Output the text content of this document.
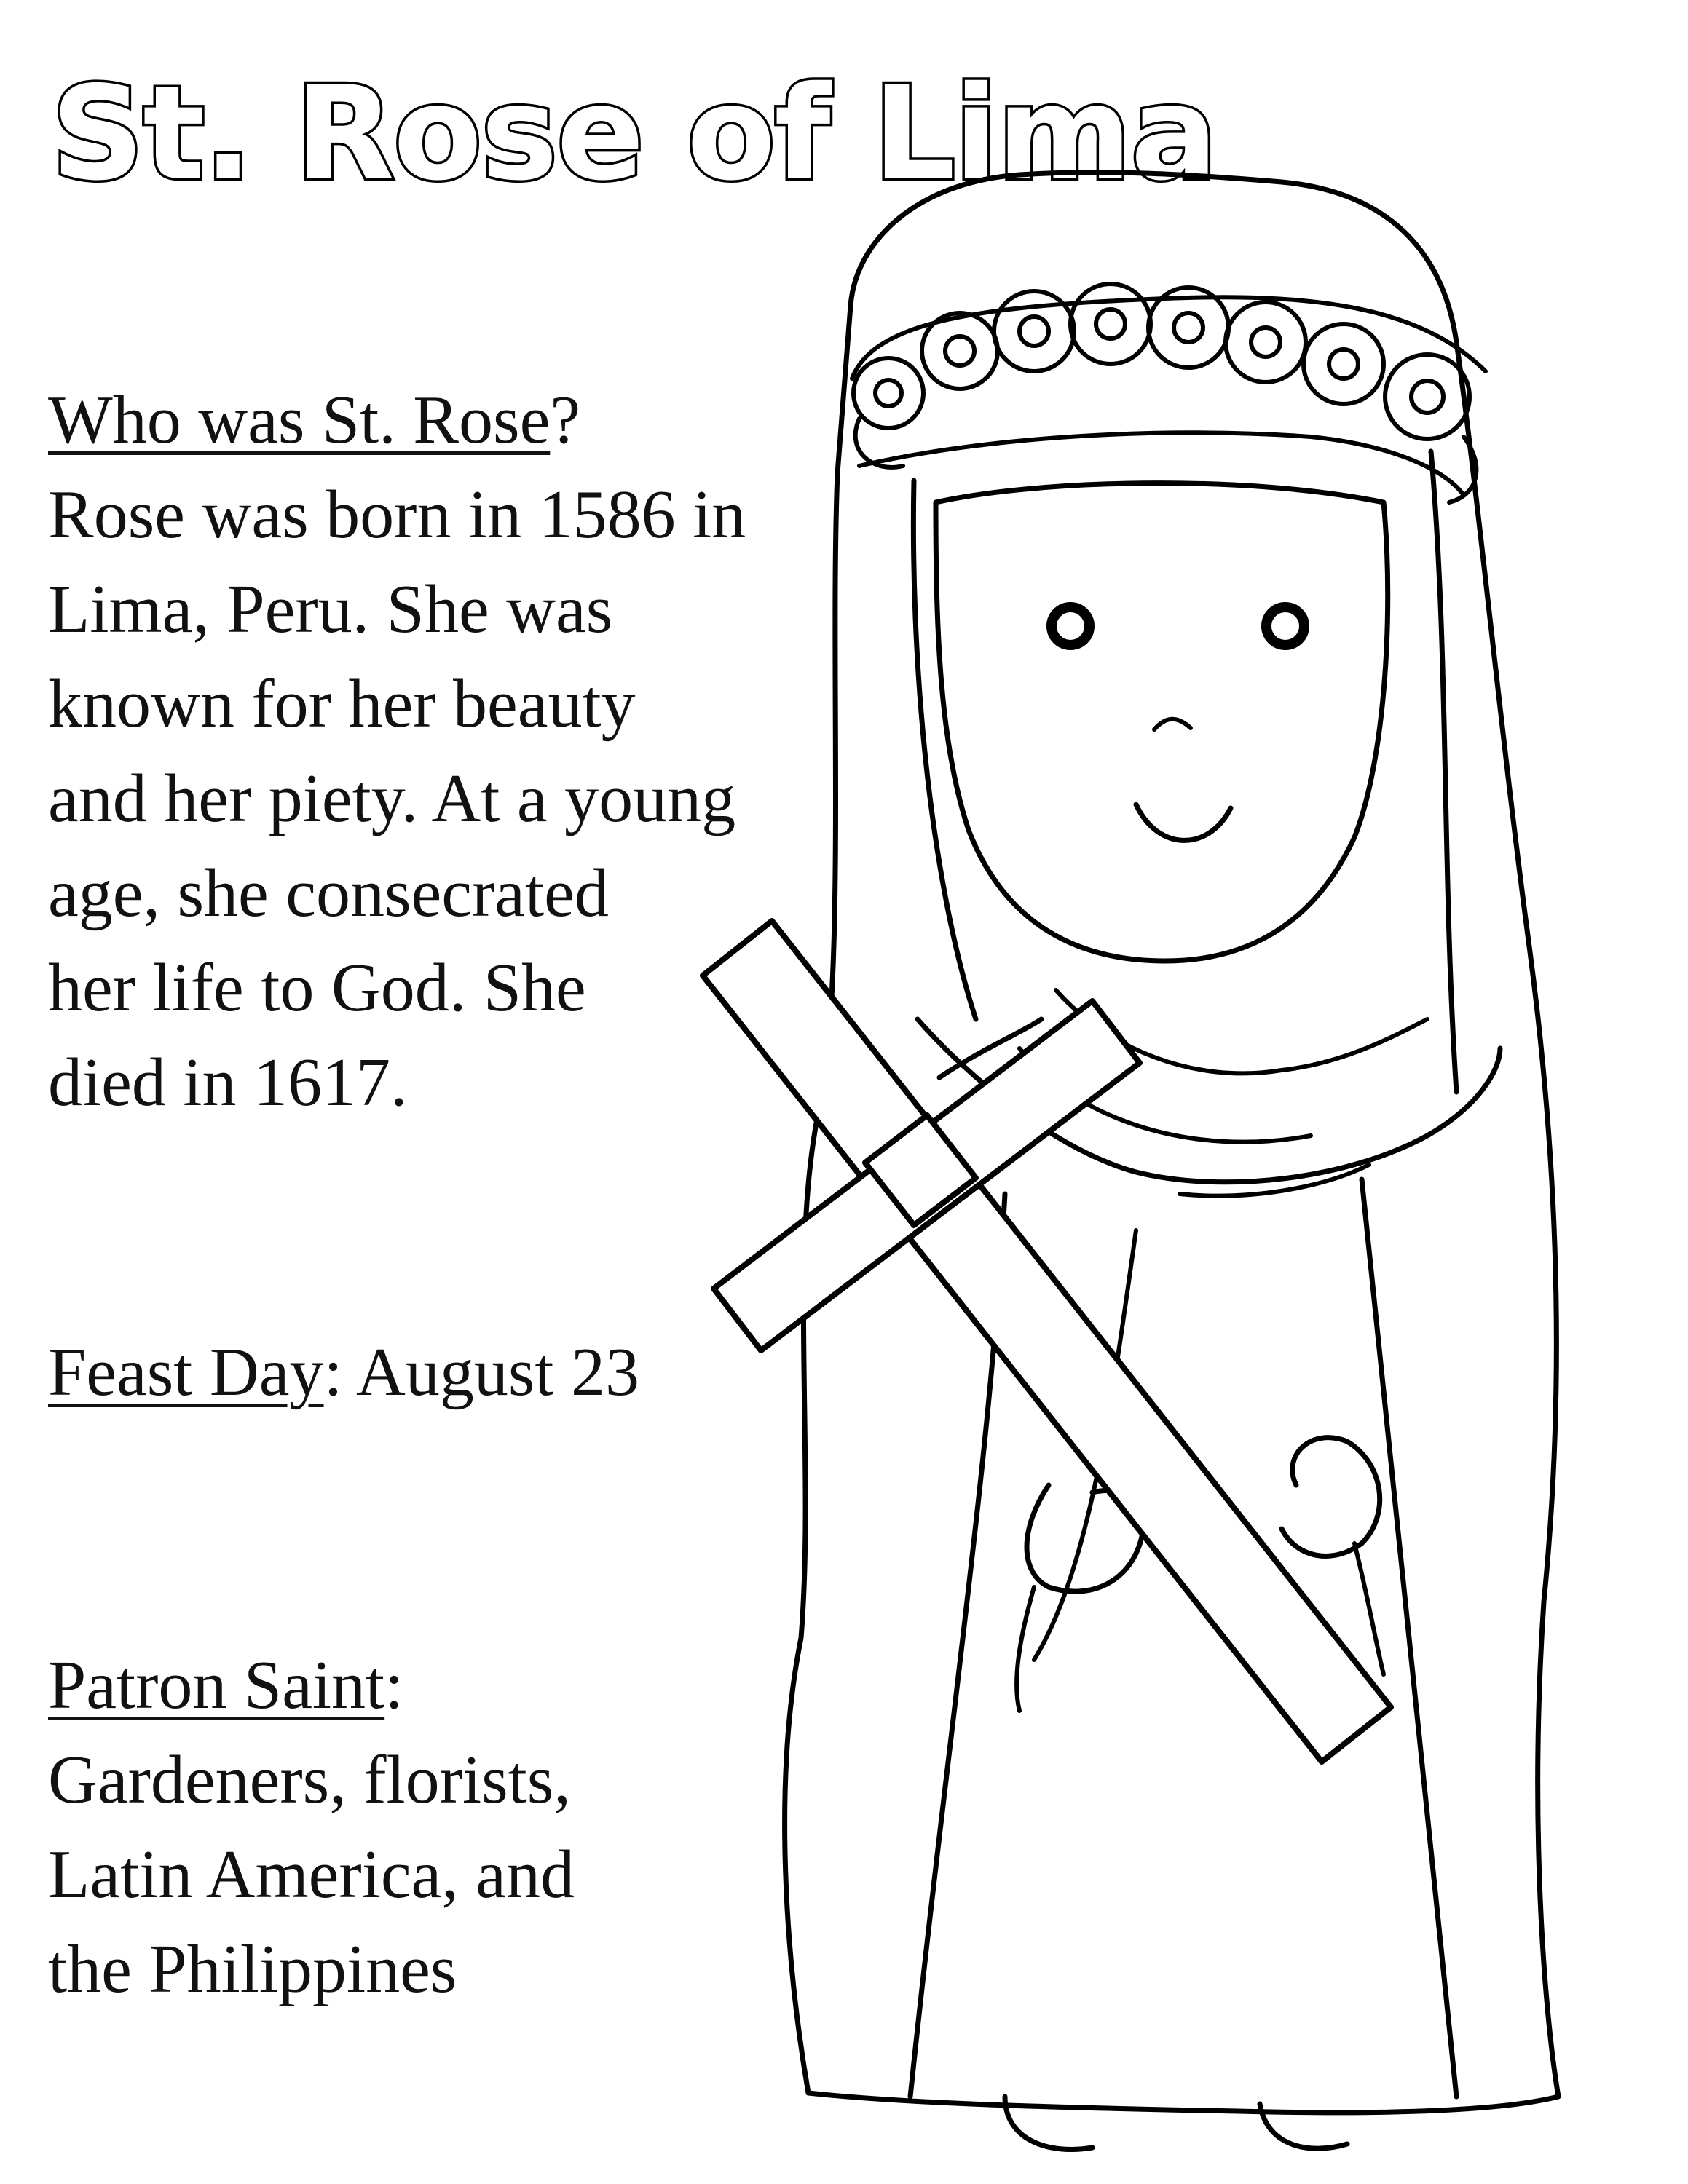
St. Rose of Lima
Who was St. Rose?
Rose was born in 1586 in
Lima, Peru. She was
known for her beauty
and her piety. At a young
age, she consecrated
her life to God. She
died in 1617.
Feast Day: August 23
Patron Saint:
Gardeners, florists,
Latin America, and
the Philippines
